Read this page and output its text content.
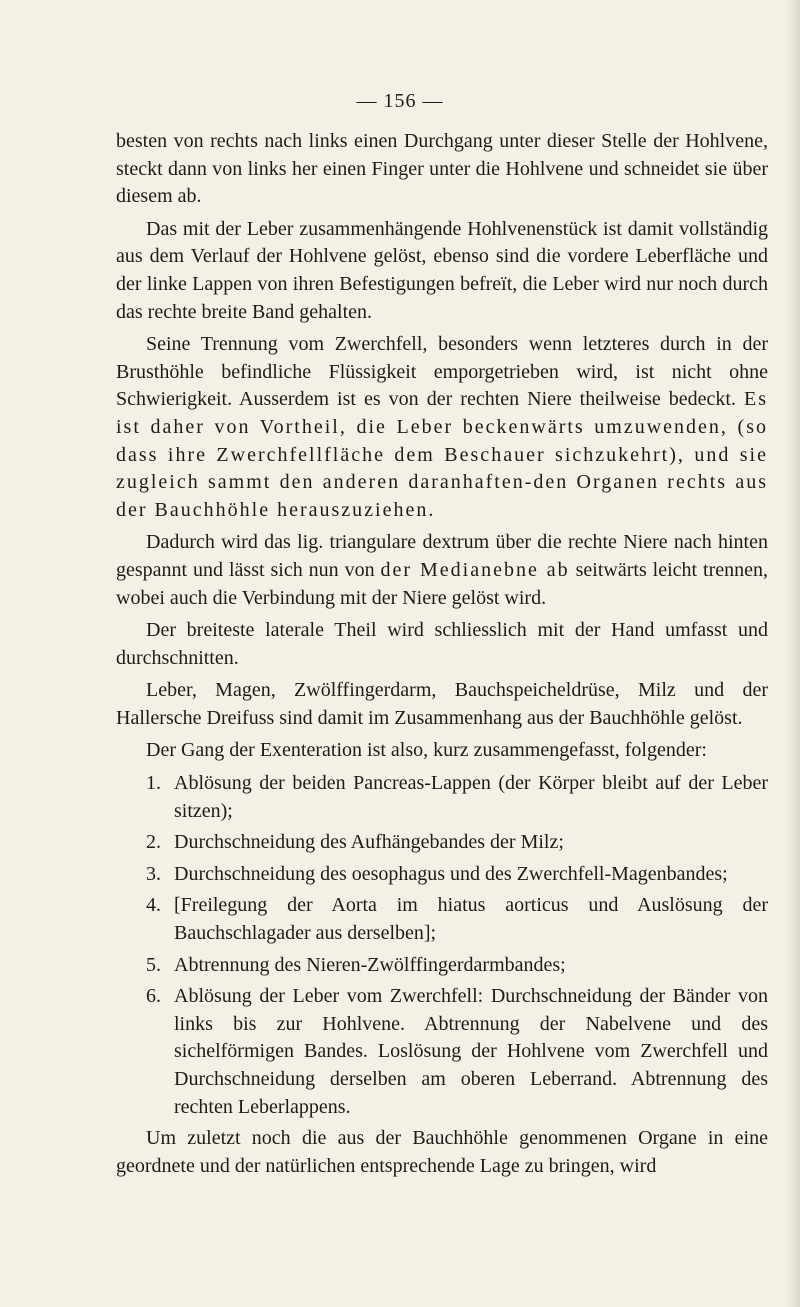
— 156 —

besten von rechts nach links einen Durchgang unter dieser Stelle der Hohlvene, steckt dann von links her einen Finger unter die Hohlvene und schneidet sie über diesem ab.

Das mit der Leber zusammenhängende Hohlvenenstück ist damit vollständig aus dem Verlauf der Hohlvene gelöst, ebenso sind die vordere Leberfläche und der linke Lappen von ihren Befestigungen befreït, die Leber wird nur noch durch das rechte breite Band gehalten.

Seine Trennung vom Zwerchfell, besonders wenn letzteres durch in der Brusthöhle befindliche Flüssigkeit emporgetrieben wird, ist nicht ohne Schwierigkeit. Ausserdem ist es von der rechten Niere theilweise bedeckt. Es ist daher von Vortheil, die Leber beckenwärts umzuwenden, (so dass ihre Zwerchfellfläche dem Beschauer sichzukehrt), und sie zugleich sammt den anderen daranhaften-den Organen rechts aus der Bauchhöhle herauszuziehen.

Dadurch wird das lig. triangulare dextrum über die rechte Niere nach hinten gespannt und lässt sich nun von der Medianebne ab seitwärts leicht trennen, wobei auch die Verbindung mit der Niere gelöst wird.

Der breiteste laterale Theil wird schliesslich mit der Hand umfasst und durchschnitten.

Leber, Magen, Zwölffingerdarm, Bauchspeicheldrüse, Milz und der Hallersche Dreifuss sind damit im Zusammenhang aus der Bauchhöhle gelöst.

Der Gang der Exenteration ist also, kurz zusammengefasst, folgender:

1. Ablösung der beiden Pancreas-Lappen (der Körper bleibt auf der Leber sitzen);
2. Durchschneidung des Aufhängebandes der Milz;
3. Durchschneidung des oesophagus und des Zwerchfell-Magenbandes;
4. [Freilegung der Aorta im hiatus aorticus und Auslösung der Bauchschlagader aus derselben];
5. Abtrennung des Nieren-Zwölffingerdarmbandes;
6. Ablösung der Leber vom Zwerchfell: Durchschneidung der Bänder von links bis zur Hohlvene. Abtrennung der Nabelvene und des sichelförmigen Bandes. Loslösung der Hohlvene vom Zwerchfell und Durchschneidung derselben am oberen Leberrand. Abtrennung des rechten Leberlappens.

Um zuletzt noch die aus der Bauchhöhle genommenen Organe in eine geordnete und der natürlichen entsprechende Lage zu bringen, wird
